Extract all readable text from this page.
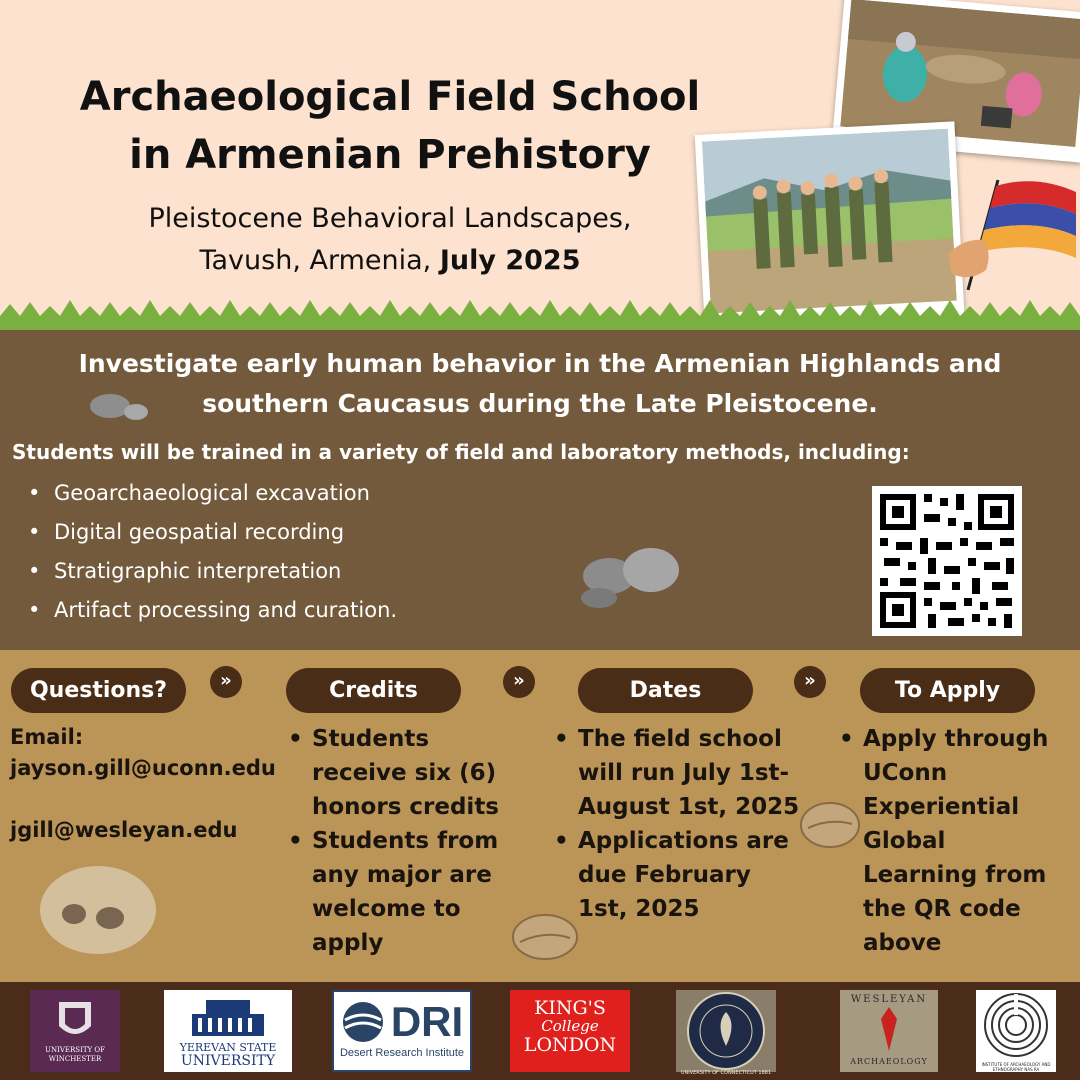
Archaeological Field School
in Armenian Prehistory
Pleistocene Behavioral Landscapes,
Tavush, Armenia, July 2025
Investigate early human behavior in the Armenian Highlands and
southern Caucasus during the Late Pleistocene.
Students will be trained in a variety of field and laboratory methods, including:
• Geoarchaeological excavation
• Digital geospatial recording
• Stratigraphic interpretation
• Artifact processing and curation.
Questions?	»	Credits	»	Dates	»	To Apply
Email:
jayson.gill@uconn.edu
jgill@wesleyan.edu
• Students receive six (6) honors credits
• Students from any major are welcome to apply
• The field school will run July 1st-August 1st, 2025
• Applications are due February 1st, 2025
• Apply through UConn Experiential Global Learning from the QR code above
UNIVERSITY OF WINCHESTER
YEREVAN STATE
UNIVERSITY
DRI
Desert Research Institute
KING'S
College
LONDON
WESLEYAN
ARCHAEOLOGY	INSTITUTE OF ARCHAEOLOGY AND ETHNOGRAPHY NAS RA
UNIVERSITY OF CONNECTICUT 1881
